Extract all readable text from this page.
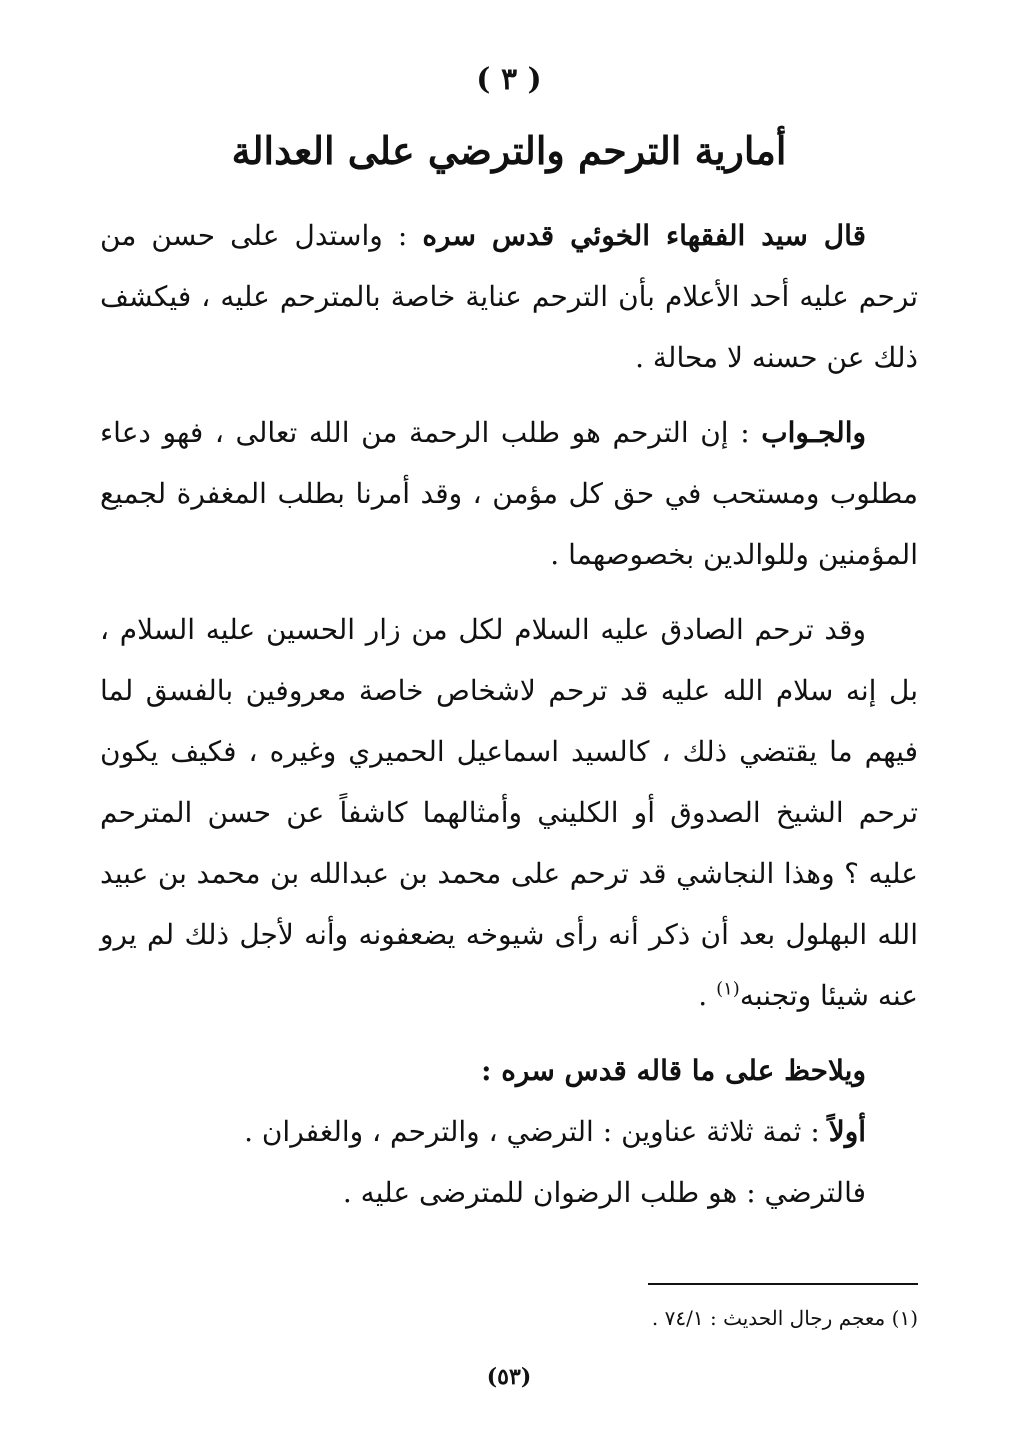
( ٣ )
أمارية الترحم والترضي على العدالة

قال سيد الفقهاء الخوئي قدس سره : واستدل على حسن من ترحم عليه أحد الأعلام بأن الترحم عناية خاصة بالمترحم عليه ، فيكشف ذلك عن حسنه لا محالة .

والجـواب : إن الترحم هو طلب الرحمة من الله تعالى ، فهو دعاء مطلوب ومستحب في حق كل مؤمن ، وقد أمرنا بطلب المغفرة لجميع المؤمنين وللوالدين بخصوصهما .

وقد ترحم الصادق عليه السلام لكل من زار الحسين عليه السلام ، بل إنه سلام الله عليه قد ترحم لاشخاص خاصة معروفين بالفسق لما فيهم ما يقتضي ذلك ، كالسيد اسماعيل الحميري وغيره ، فكيف يكون ترحم الشيخ الصدوق أو الكليني وأمثالهما كاشفاً عن حسن المترحم عليه ؟ وهذا النجاشي قد ترحم على محمد بن عبدالله بن محمد بن عبيد الله البهلول بعد أن ذكر أنه رأى شيوخه يضعفونه وأنه لأجل ذلك لم يرو عنه شيئا وتجنبه$^{(١)}$ .

ويلاحظ على ما قاله قدس سره :

أولاً : ثمة ثلاثة عناوين : الترضي ، والترحم ، والغفران .

فالترضي : هو طلب الرضوان للمترضى عليه .

(١) معجم رجال الحديث : ٧٤/١ .
(٥٣)
